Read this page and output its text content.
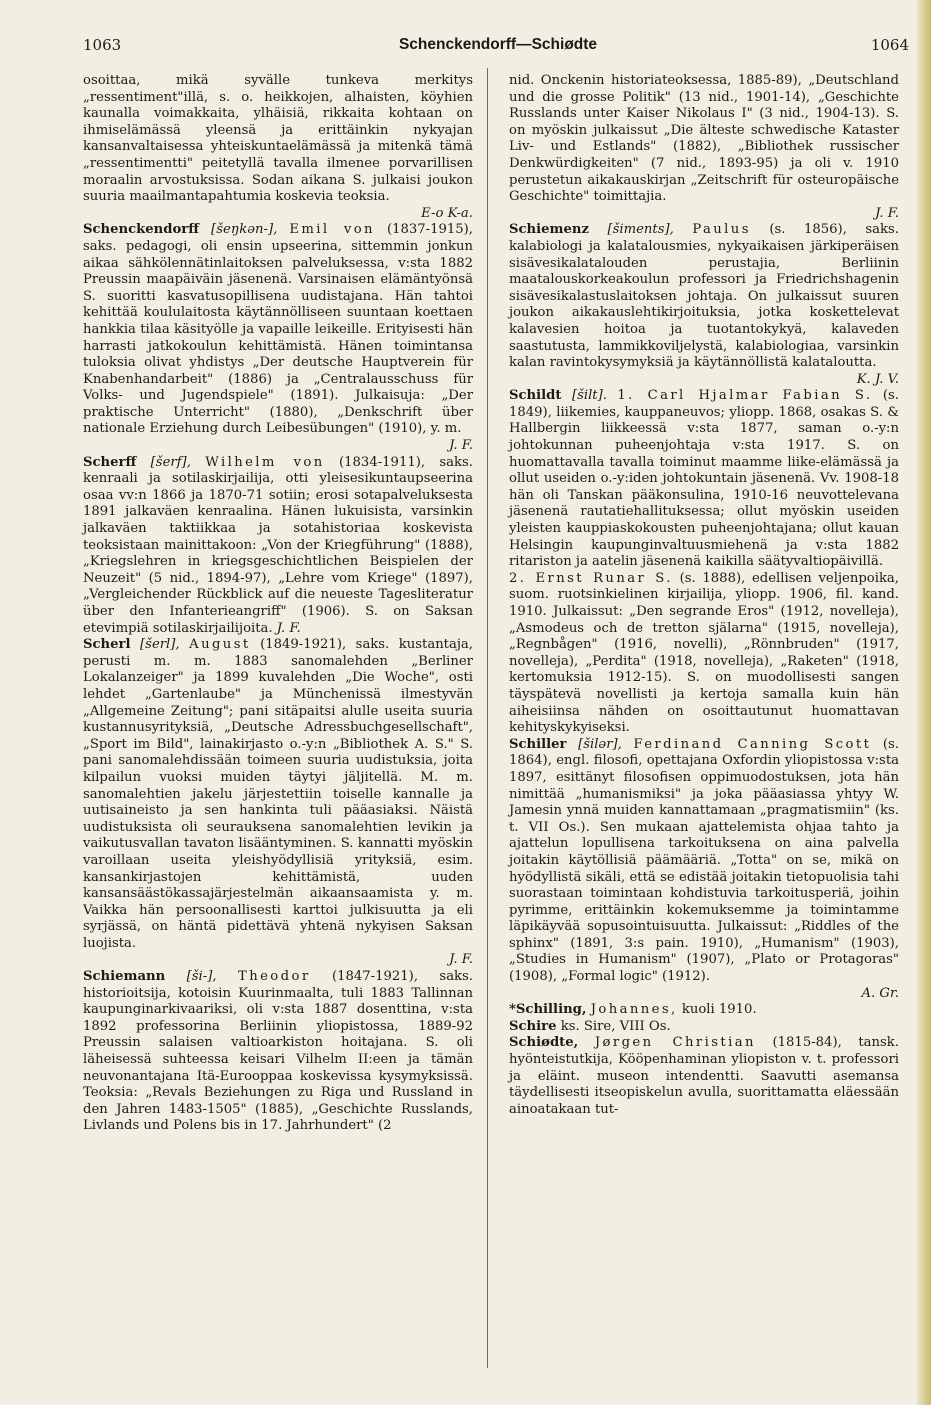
Schenckendorff—Schiødte
1063	1064

osoittaa, mikä syvälle tunkeva merkitys „ressentiment"illä, s. o. heikkojen, alhaisten, köyhien kaunalla voimakkaita, ylhäisiä, rikkaita kohtaan on ihmiselämässä yleensä ja erittäinkin nykyajan kansanvaltaisessa yhteiskuntaelämässä ja mitenkä tämä „ressentimentti" peitetyllä tavalla ilmenee porvarillisen moraalin arvostuksissa. Sodan aikana S. julkaisi joukon suuria maailmantapahtumia koskevia teoksia.

E-o K-a.

Schenckendorff [šeŋkən-], Emil von (1837-1915), saks. pedagogi, oli ensin upseerina, sittemmin jonkun aikaa sähkölennätinlaitoksen palveluksessa, v:sta 1882 Preussin maapäiväin jäsenenä. Varsinaisen elämäntyönsä S. suoritti kasvatusopillisena uudistajana. Hän tahtoi kehittää koululaitosta käytännölliseen suuntaan koettaen hankkia tilaa käsityölle ja vapaille leikeille. Erityisesti hän harrasti jatkokoulun kehittämistä. Hänen toimintansa tuloksia olivat yhdistys „Der deutsche Hauptverein für Knabenhandarbeit" (1886) ja „Centralausschuss für Volks- und Jugendspiele" (1891). Julkaisuja: „Der praktische Unterricht" (1880), „Denkschrift über nationale Erziehung durch Leibesübungen" (1910), y. m.

J. F.

Scherff [šerf], Wilhelm von (1834-1911), saks. kenraali ja sotilaskirjailija, otti yleisesikuntaupseerina osaa vv:n 1866 ja 1870-71 sotiin; erosi sotapalveluksesta 1891 jalkaväen kenraalina. Hänen lukuisista, varsinkin jalkaväen taktiikkaa ja sotahistoriaa koskevista teoksistaan mainittakoon: „Von der Kriegführung" (1888), „Kriegslehren in kriegsgeschichtlichen Beispielen der Neuzeit" (5 nid., 1894-97), „Lehre vom Kriege" (1897), „Vergleichender Rückblick auf die neueste Tagesliteratur über den Infanterieangriff" (1906). S. on Saksan etevimpiä sotilaskirjailijoita. J. F.

Scherl [šerl], August (1849-1921), saks. kustantaja, perusti m. m. 1883 sanomalehden „Berliner Lokalanzeiger" ja 1899 kuvalehden „Die Woche", osti lehdet „Gartenlaube" ja Münchenissä ilmestyvän „Allgemeine Zeitung"; pani sitäpaitsi alulle useita suuria kustannusyrityksiä, „Deutsche Adressbuchgesellschaft", „Sport im Bild", lainakirjasto o.-y:n „Bibliothek A. S." S. pani sanomalehdissään toimeen suuria uudistuksia, joita kilpailun vuoksi muiden täytyi jäljitellä. M. m. sanomalehtien jakelu järjestettiin toiselle kannalle ja uutisaineisto ja sen hankinta tuli pääasiaksi. Näistä uudistuksista oli seurauksena sanomalehtien levikin ja vaikutusvallan tavaton lisääntyminen. S. kannatti myöskin varoillaan useita yleishyödyllisiä yrityksiä, esim. kansankirjastojen kehittämistä, uuden kansansäästökassajärjestelmän aikaansaamista y. m. Vaikka hän persoonallisesti karttoi julkisuutta ja eli syrjässä, on häntä pidettävä yhtenä nykyisen Saksan luojista.

J. F.

Schiemann [ši-], Theodor (1847-1921), saks. historioitsija, kotoisin Kuurinmaalta, tuli 1883 Tallinnan kaupunginarkivaariksi, oli v:sta 1887 dosenttina, v:sta 1892 professorina Berliinin yliopistossa, 1889-92 Preussin salaisen valtioarkiston hoitajana. S. oli läheisessä suhteessa keisari Vilhelm II:een ja tämän neuvonantajana Itä-Eurooppaa koskevissa kysymyksissä. Teoksia: „Revals Beziehungen zu Riga und Russland in den Jahren 1483-1505" (1885), „Geschichte Russlands, Livlands und Polens bis in 17. Jahrhundert" (2

nid. Onckenin historiateoksessa, 1885-89), „Deutschland und die grosse Politik" (13 nid., 1901-14), „Geschichte Russlands unter Kaiser Nikolaus I" (3 nid., 1904-13). S. on myöskin julkaissut „Die älteste schwedische Kataster Liv- und Estlands" (1882), „Bibliothek russischer Denkwürdigkeiten" (7 nid., 1893-95) ja oli v. 1910 perustetun aikakauskirjan „Zeitschrift für osteuropäische Geschichte" toimittajia.

J. F.

Schiemenz [šiments], Paulus (s. 1856), saks. kalabiologi ja kalatalousmies, nykyaikaisen järkiperäisen sisävesikalatalouden perustajia, Berliinin maatalouskorkeakoulun professori ja Friedrichshagenin sisävesikalastuslaitoksen johtaja. On julkaissut suuren joukon aikakauslehtikirjoituksia, jotka koskettelevat kalavesien hoitoa ja tuotantokykyä, kalaveden saastutusta, lammikkoviljelystä, kalabiologiaa, varsinkin kalan ravintokysymyksiä ja käytännöllistä kalataloutta.

K. J. V.

Schildt [šilt]. 1. Carl Hjalmar Fabian S. (s. 1849), liikemies, kauppaneuvos; yliopp. 1868, osakas S. & Hallbergin liikkeessä v:sta 1877, saman o.-y:n johtokunnan puheenjohtaja v:sta 1917. S. on huomattavalla tavalla toiminut maamme liike-elämässä ja ollut useiden o.-y:iden johtokuntain jäsenenä. Vv. 1908-18 hän oli Tanskan pääkonsulina, 1910-16 neuvottelevana jäsenenä rautatiehallituksessa; ollut myöskin useiden yleisten kauppiaskokousten puheenjohtajana; ollut kauan Helsingin kaupunginvaltuusmiehenä ja v:sta 1882 ritariston ja aatelin jäsenenä kaikilla säätyvaltiopäivillä.

2. Ernst Runar S. (s. 1888), edellisen veljenpoika, suom. ruotsinkielinen kirjailija, yliopp. 1906, fil. kand. 1910. Julkaissut: „Den segrande Eros" (1912, novelleja), „Asmodeus och de tretton själarna" (1915, novelleja), „Regnbågen" (1916, novelli), „Rönnbruden" (1917, novelleja), „Perdita" (1918, novelleja), „Raketen" (1918, kertomuksia 1912-15). S. on muodollisesti sangen täyspätevä novellisti ja kertoja samalla kuin hän aiheisiinsa nähden on osoittautunut huomattavan kehityskykyiseksi.

Schiller [šilər], Ferdinand Canning Scott (s. 1864), engl. filosofi, opettajana Oxfordin yliopistossa v:sta 1897, esittänyt filosofisen oppimuodostuksen, jota hän nimittää „humanismiksi" ja joka pääasiassa yhtyy W. Jamesin ynnä muiden kannattamaan „pragmatismiin" (ks. t. VII Os.). Sen mukaan ajattelemista ohjaa tahto ja ajattelun lopullisena tarkoituksena on aina palvella joitakin käytöllisiä päämääriä. „Totta" on se, mikä on hyödyllistä sikäli, että se edistää joitakin tietopuolisia tahi suorastaan toimintaan kohdistuvia tarkoitusperiä, joihin pyrimme, erittäinkin kokemuksemme ja toimintamme läpikäyvää sopusointuisuutta. Julkaissut: „Riddles of the sphinx" (1891, 3:s pain. 1910), „Humanism" (1903), „Studies in Humanism" (1907), „Plato or Protagoras" (1908), „Formal logic" (1912).

A. Gr.

*Schilling, Johannes, kuoli 1910.

Schire ks. Sire, VIII Os.

Schiødte, Jørgen Christian (1815-84), tansk. hyönteistutkija, Kööpenhaminan yliopiston v. t. professori ja eläint. museon intendentti. Saavutti asemansa täydellisesti itseopiskelun avulla, suorittamatta eläessään ainoatakaan tut-
